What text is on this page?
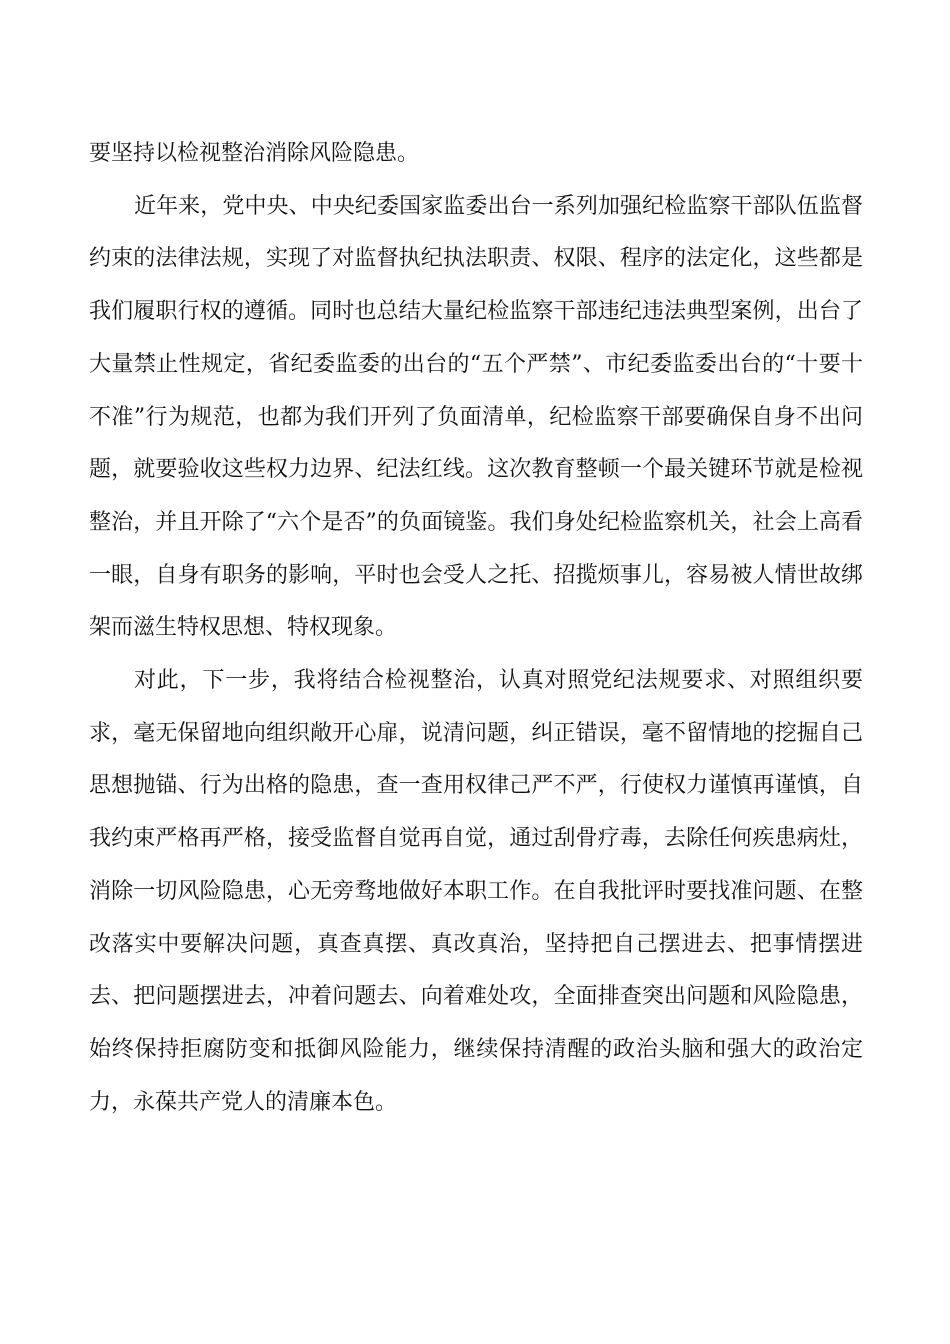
要坚持以检视整治消除风险隐患。

近年来，党中央、中央纪委国家监委出台一系列加强纪检监察干部队伍监督约束的法律法规，实现了对监督执纪执法职责、权限、程序的法定化，这些都是我们履职行权的遵循。同时也总结大量纪检监察干部违纪违法典型案例，出台了大量禁止性规定，省纪委监委的出台的“五个严禁”、市纪委监委出台的“十要十不准”行为规范，也都为我们开列了负面清单，纪检监察干部要确保自身不出问题，就要验收这些权力边界、纪法红线。这次教育整顿一个最关键环节就是检视整治，并且开除了“六个是否”的负面镜鉴。我们身处纪检监察机关，社会上高看一眼，自身有职务的影响，平时也会受人之托、招揽烦事儿，容易被人情世故绑架而滋生特权思想、特权现象。

对此，下一步，我将结合检视整治，认真对照党纪法规要求、对照组织要求，毫无保留地向组织敞开心扉，说清问题，纠正错误，毫不留情地的挖掘自己思想抛锚、行为出格的隐患，查一查用权律己严不严，行使权力谨慎再谨慎，自我约束严格再严格，接受监督自觉再自觉，通过刮骨疗毒，去除任何疾患病灶，消除一切风险隐患，心无旁骛地做好本职工作。在自我批评时要找准问题、在整改落实中要解决问题，真查真摆、真改真治，坚持把自己摆进去、把事情摆进去、把问题摆进去，冲着问题去、向着难处攻，全面排查突出问题和风险隐患，始终保持拒腐防变和抵御风险能力，继续保持清醒的政治头脑和强大的政治定力，永葆共产党人的清廉本色。
